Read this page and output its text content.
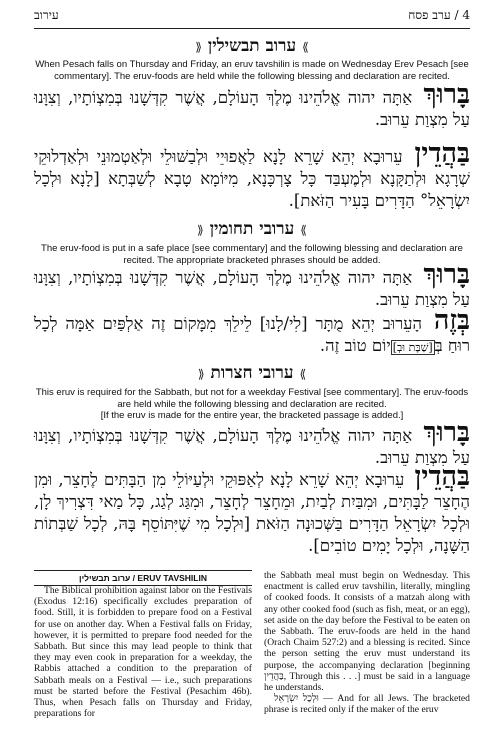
עירוב	4 / ערב פסח
⟫ערוב תבשילין⟪
When Pesach falls on Thursday and Friday, an eruv tavshilin is made on Wednesday Erev Pesach [see commentary]. The eruv-foods are held while the following blessing and declaration are recited.
בָּרוּךְ אַתָּה יהוה אֱלֹהֵינוּ מֶלֶךְ הָעוֹלָם, אֲשֶׁר קִדְּשָׁנוּ בְּמִצְוֹתָיו, וְצִוָּנוּ עַל מִצְוַת עֵרוּב.
בַּהֲדֵין עֵרוּבָא יְהֵא שָׁרֵא לָנָא לַאֲפוּיֵי וּלְבַשּׁוּלֵי וּלְאַטְמוּנֵי וּלְאַדְלוּקֵי שְׁרָגָא וּלְתַקָּנָא וּלְמֶעְבַּד כָּל צָרְכָּנָא, מִיּוֹמָא טָבָא לְשַׁבְּתָא [לָנָא וּלְכָל יִשְׂרָאֵל° הַדָּרִים בָּעִיר הַזֹּאת].
⟫ערובי תחומין⟪
The eruv-food is put in a safe place [see commentary] and the following blessing and declaration are recited. The appropriate bracketed phrases should be added.	בָּרוּךְ אַתָּה יהוה אֱלֹהֵינוּ מֶלֶךְ הָעוֹלָם, אֲשֶׁר קִדְּשָׁנוּ בְּמִצְוֹתָיו, וְצִוָּנוּ עַל מִצְוַת עֵרוּב.
בְּזֶה הָעֵרוּב יְהֵא מֻתָּר [לִי/לָנוּ] לֵילֵךְ מִמָּקוֹם זֶה אַלְפַּיִם אַמָּה לְכָל רוּחַ בְּ[שַׁבָּת וּבְ]יוֹם טוֹב זֶה.
⟫ערובי חצרות⟪
This eruv is required for the Sabbath, but not for a weekday Festival [see commentary]. The eruv-foods are held while the following blessing and declaration are recited.
[If the eruv is made for the entire year, the bracketed passage is added.]
בָּרוּךְ אַתָּה יהוה אֱלֹהֵינוּ מֶלֶךְ הָעוֹלָם, אֲשֶׁר קִדְּשָׁנוּ בְּמִצְוֹתָיו, וְצִוָּנוּ עַל מִצְוַת עֵרוּב.
בַּהֲדֵין עֵרוּבָא יְהֵא שָׁרֵא לָנָא לְאַפּוּקֵי וּלְעַיּוֹלֵי מִן הַבָּתִּים לֶחָצֵר, וּמִן הֶחָצֵר לַבָּתִּים, וּמִבַּיִת לְבַיִת, וּמֵחָצֵר לְחָצֵר, וּמִגַּג לְגַג, כָּל מַאי דִּצְרִיךְ לָן, וּלְכָל יִשְׂרָאֵל הַדָּרִים בַּשְּׁכוּנָה הַזֹּאת [וּלְכָל מִי שֶׁיִּתּוֹסֵף בָּהּ, לְכָל שַׁבְּתוֹת הַשָּׁנָה, וּלְכָל יָמִים טוֹבִים].
ערוב תבשילין / ERUV TAVSHILIN

The Biblical prohibition against labor on the Festivals (Exodus 12:16) specifically excludes preparation of food. Still, it is forbidden to prepare food on a Festival for use on another day. When a Festival falls on Friday, however, it is permitted to prepare food needed for the Sabbath. But since this may lead people to think that they may even cook in preparation for a weekday, the Rabbis attached a condition to the preparation of Sabbath meals on a Festival — i.e., such preparations must be started before the Festival (Pesachim 46b). Thus, when Pesach falls on Thursday and Friday, preparations for

the Sabbath meal must begin on Wednesday. This enactment is called eruv tavshilin, literally, mingling of cooked foods. It consists of a matzah along with any other cooked food (such as fish, meat, or an egg), set aside on the day before the Festival to be eaten on the Sabbath. The eruv-foods are held in the hand (Orach Chaim 527:2) and a blessing is recited. Since the person setting the eruv must understand its purpose, the accompanying declaration [beginning בַּהֲדֵין, Through this . . .] must be said in a language he understands.

וּלְכָל יִשְׂרָאֵל — And for all Jews. The bracketed phrase is recited only if the maker of the eruv
